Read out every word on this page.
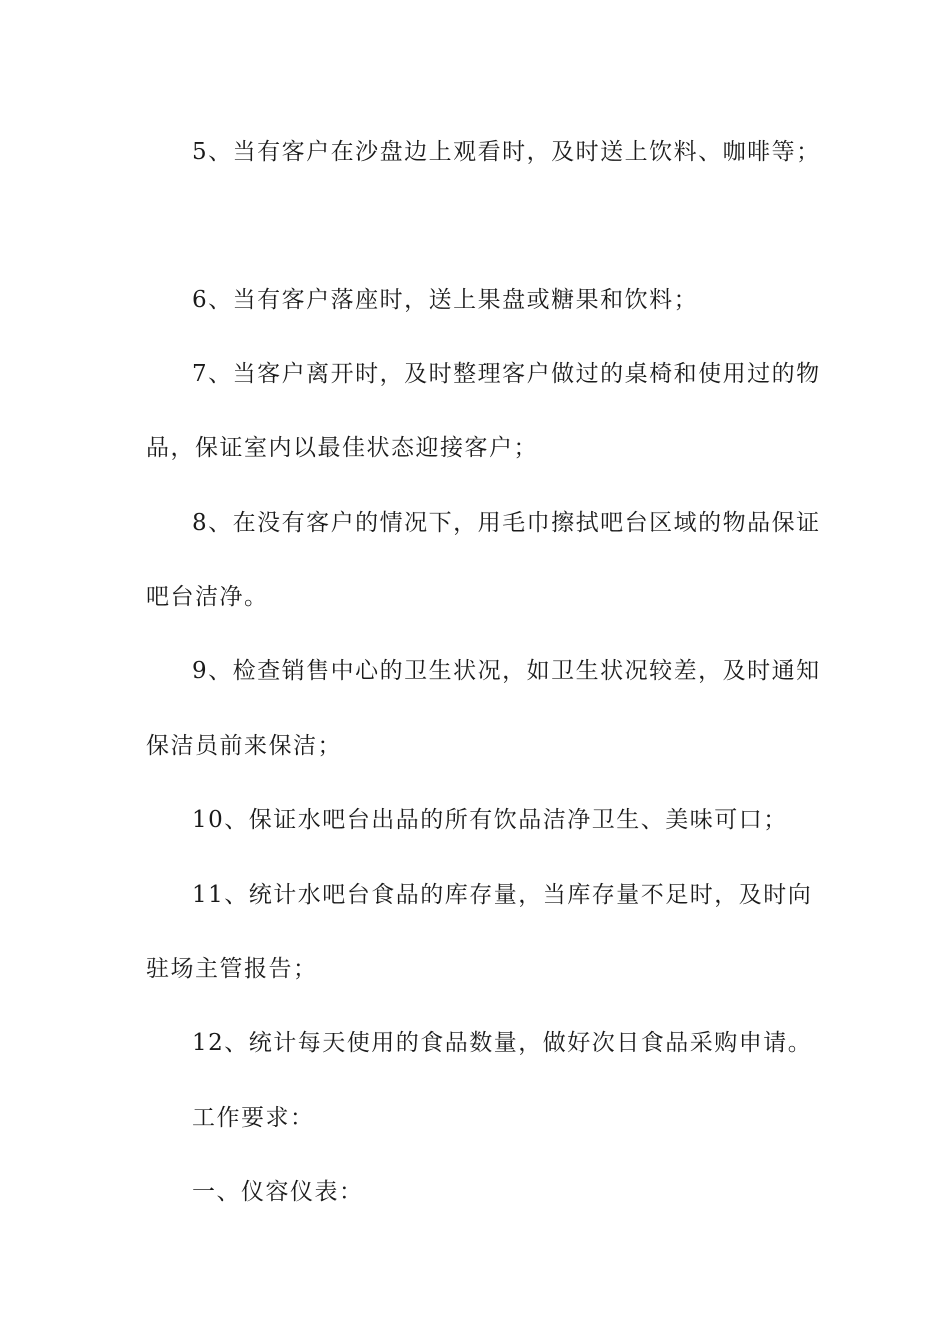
5、当有客户在沙盘边上观看时，及时送上饮料、咖啡等；
6、当有客户落座时，送上果盘或糖果和饮料；
7、当客户离开时，及时整理客户做过的桌椅和使用过的物
品，保证室内以最佳状态迎接客户；
8、在没有客户的情况下，用毛巾擦拭吧台区域的物品保证
吧台洁净。
9、检查销售中心的卫生状况，如卫生状况较差，及时通知
保洁员前来保洁；
10、保证水吧台出品的所有饮品洁净卫生、美味可口；
11、统计水吧台食品的库存量，当库存量不足时，及时向
驻场主管报告；
12、统计每天使用的食品数量，做好次日食品采购申请。
工作要求：
一、仪容仪表：
